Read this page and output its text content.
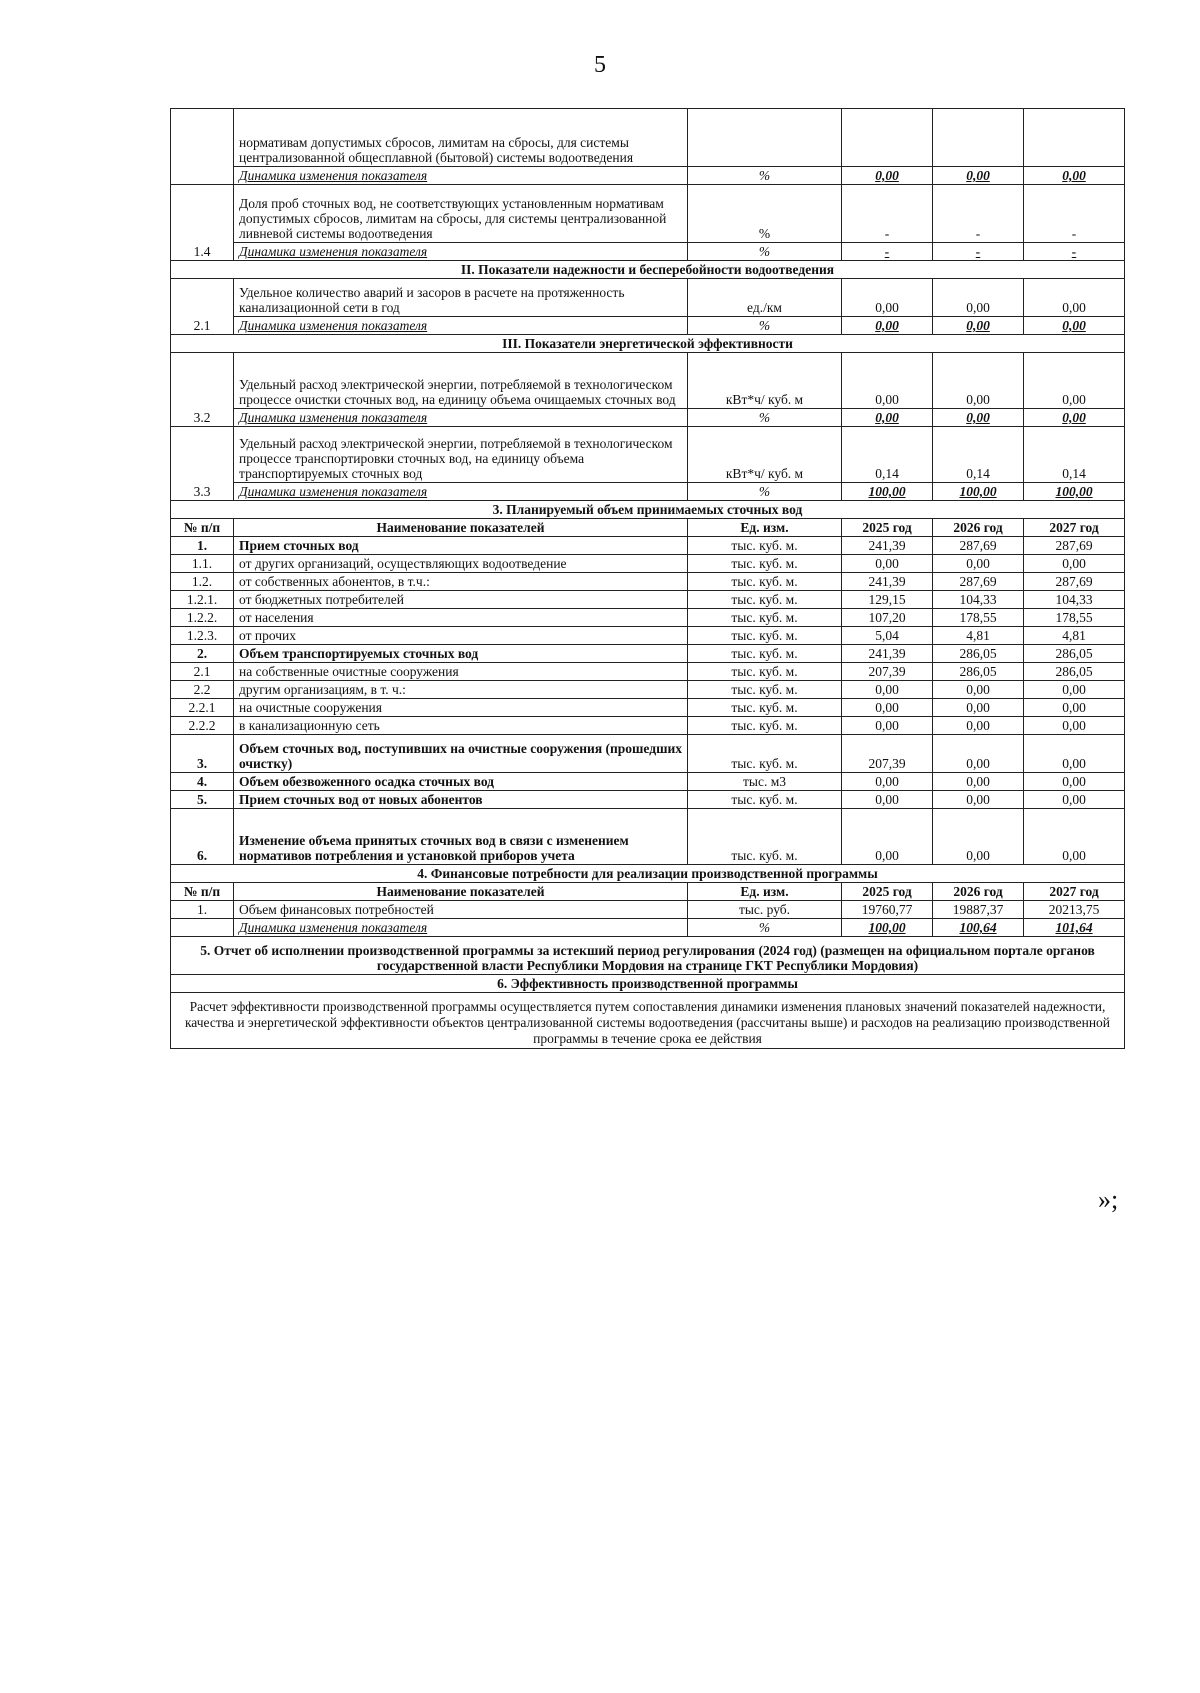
5
	нормативам допустимых сбросов, лимитам на сбросы, для системы централизованной общесплавной (бытовой) системы водоотведения				
	Динамика изменения показателя	%	0,00	0,00	0,00
1.4	Доля проб сточных вод, не соответствующих установленным нормативам допустимых сбросов, лимитам на сбросы, для системы централизованной ливневой системы водоотведения	%	-	-	-
	Динамика изменения показателя	%	-	-	-
II. Показатели надежности и бесперебойности водоотведения					
2.1	Удельное количество аварий и засоров в расчете на протяженность канализационной сети в год	ед./км	0,00	0,00	0,00
	Динамика изменения показателя	%	0,00	0,00	0,00
III. Показатели энергетической эффективности					
3.2	Удельный расход электрической энергии, потребляемой в технологическом процессе очистки сточных вод, на единицу объема очищаемых сточных вод	кВт*ч/ куб. м	0,00	0,00	0,00
	Динамика изменения показателя	%	0,00	0,00	0,00
3.3	Удельный расход электрической энергии, потребляемой в технологическом процессе транспортировки сточных вод, на единицу объема транспортируемых сточных вод	кВт*ч/ куб. м	0,14	0,14	0,14
	Динамика изменения показателя	%	100,00	100,00	100,00
3. Планируемый объем принимаемых сточных вод					
№ п/п	Наименование показателей	Ед. изм.	2025 год	2026 год	2027 год
1.	Прием сточных вод	тыс. куб. м.	241,39	287,69	287,69
1.1.	от других организаций, осуществляющих водоотведение	тыс. куб. м.	0,00	0,00	0,00
1.2.	от собственных абонентов, в т.ч.:	тыс. куб. м.	241,39	287,69	287,69
1.2.1.	от бюджетных потребителей	тыс. куб. м.	129,15	104,33	104,33
1.2.2.	от населения	тыс. куб. м.	107,20	178,55	178,55
1.2.3.	от прочих	тыс. куб. м.	5,04	4,81	4,81
2.	Объем транспортируемых сточных вод	тыс. куб. м.	241,39	286,05	286,05
2.1	на собственные очистные сооружения	тыс. куб. м.	207,39	286,05	286,05
2.2	другим организациям, в т. ч.:	тыс. куб. м.	0,00	0,00	0,00
2.2.1	на очистные сооружения	тыс. куб. м.	0,00	0,00	0,00
2.2.2	в канализационную сеть	тыс. куб. м.	0,00	0,00	0,00
3.	Объем сточных вод, поступивших на очистные сооружения (прошедших очистку)	тыс. куб. м.	207,39	0,00	0,00
4.	Объем обезвоженного осадка сточных вод	тыс. м3	0,00	0,00	0,00
5.	Прием сточных вод от новых абонентов	тыс. куб. м.	0,00	0,00	0,00
6.	Изменение объема принятых сточных вод в связи с изменением нормативов потребления и установкой приборов учета	тыс. куб. м.	0,00	0,00	0,00
4. Финансовые потребности для реализации производственной программы					
№ п/п	Наименование показателей	Ед. изм.	2025 год	2026 год	2027 год
1.	Объем финансовых потребностей	тыс. руб.	19760,77	19887,37	20213,75
	Динамика изменения показателя	%	100,00	100,64	101,64
5. Отчет об исполнении производственной программы за истекший период регулирования (2024 год) (размещен на официальном портале органов государственной власти Республики Мордовия на странице ГКТ Республики Мордовия)					
6. Эффективность производственной программы					
Расчет эффективности производственной программы осуществляется путем сопоставления динамики изменения плановых значений показателей надежности, качества и энергетической эффективности объектов централизованной системы водоотведения (рассчитаны выше) и расходов на реализацию производственной программы в течение срока ее действия					
»;
